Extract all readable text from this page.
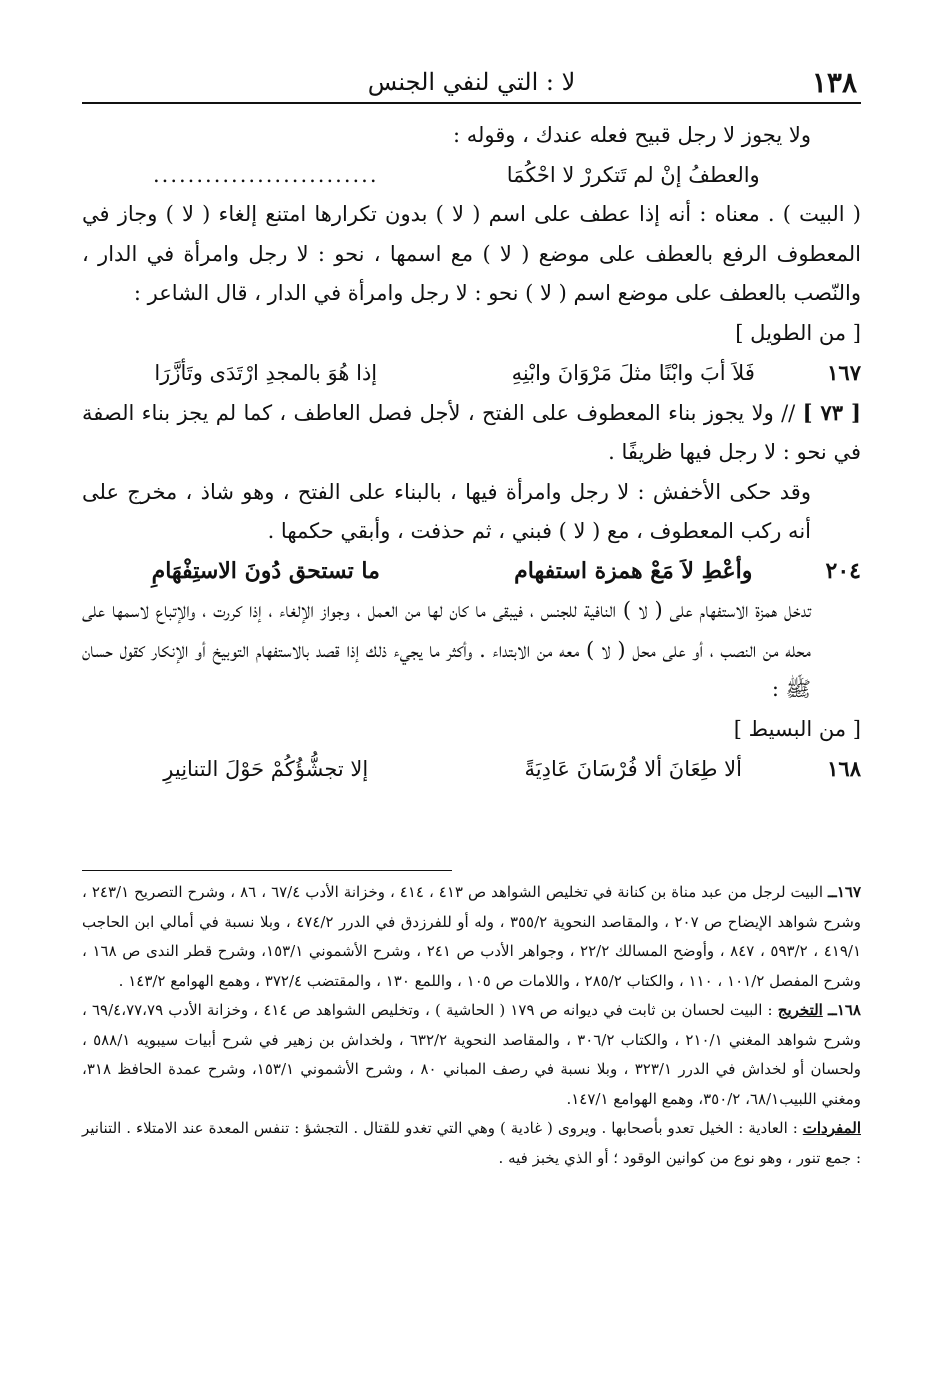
١٣٨
لا : التي لنفي الجنس

ولا يجوز لا رجل قبيح فعله عندك ، وقوله :

والعطفُ إنْ لم تَتكررْ لا احْكُمَا
..........................

( البيت ) . معناه : أنه إذا عطف على اسم ( لا ) بدون تكرارها امتنع إلغاء ( لا ) وجاز في المعطوف الرفع بالعطف على موضع ( لا ) مع اسمها ، نحو : لا رجل وامرأة في الدار ، والنّصب بالعطف على موضع اسم ( لا ) نحو : لا رجل وامرأة في الدار ، قال الشاعر :

[ من الطويل ]
١٦٧
فَلاَ أبَ وابْنًا مثلَ مَرْوَانَ وابْنِهِ
إذا هُوَ بالمجدِ ارْتَدَى وتَأزَّرَا

[ ٧٣ ] // ولا يجوز بناء المعطوف على الفتح ، لأجل فصل العاطف ، كما لم يجز بناء الصفة في نحو : لا رجل فيها ظريفًا .

وقد حكى الأخفش : لا رجل وامرأة فيها ، بالبناء على الفتح ، وهو شاذ ، مخرج على أنه ركب المعطوف ، مع ( لا ) فبني ، ثم حذفت ، وأبقي حكمها .

٢٠٤
وأعْطِ لاَ مَعْ همزة استفهام
ما تستحق دُونَ الاستِفْهَامِ

تدخل همزة الاستفهام على ( لا ) النافية للجنس ، فيبقى ما كان لها من العمل ، وجواز الإلغاء ، إذا كررت ، والإتباع لاسمها على محله من النصب ، أو على محل ( لا ) معه من الابتداء . وأكثر ما يجيء ذلك إذا قصد بالاستفهام التوبيخ أو الإنكار كقول حسان ﷺ :

[ من البسيط ]
١٦٨
ألا طِعَانَ ألا فُرْسَانَ عَادِيَةً
إلا تجشُّؤُكُمْ حَوْلَ التنانِيرِ

١٦٧ــ البيت لرجل من عبد مناة بن كنانة في تخليص الشواهد ص ٤١٣ ، ٤١٤ ، وخزانة الأدب ٦٧/٤ ، ٨٦ ، وشرح التصريح ٢٤٣/١ ، وشرح شواهد الإيضاح ص ٢٠٧ ، والمقاصد النحوية ٣٥٥/٢ ، وله أو للفرزدق في الدرر ٤٧٤/٢ ، وبلا نسبة في أمالي ابن الحاجب ٤١٩/١ ، ٥٩٣/٢ ، ٨٤٧ ، وأوضح المسالك ٢٢/٢ ، وجواهر الأدب ص ٢٤١ ، وشرح الأشموني ١٥٣/١، وشرح قطر الندى ص ١٦٨ ، وشرح المفصل ١٠١/٢ ، ١١٠ ، والكتاب ٢٨٥/٢ ، واللامات ص ١٠٥ ، واللمع ١٣٠ ، والمقتضب ٣٧٢/٤ ، وهمع الهوامع ١٤٣/٢ .

١٦٨ــ التخريج : البيت لحسان بن ثابت في ديوانه ص ١٧٩ ( الحاشية ) ، وتخليص الشواهد ص ٤١٤ ، وخزانة الأدب ٦٩/٤،٧٧،٧٩ ، وشرح شواهد المغني ٢١٠/١ ، والكتاب ٣٠٦/٢ ، والمقاصد النحوية ٦٣٢/٢ ، ولخداش بن زهير في شرح أبيات سيبويه ٥٨٨/١ ، ولحسان أو لخداش في الدرر ٣٢٣/١ ، وبلا نسبة في رصف المباني ٨٠ ، وشرح الأشموني ١٥٣/١، وشرح عمدة الحافظ ٣١٨، ومغني اللبيب٦٨/١، ٣٥٠/٢، وهمع الهوامع ١٤٧/١.

المفردات : العادية : الخيل تعدو بأصحابها . ويروى ( غادية ) وهي التي تغدو للقتال . التجشؤ : تنفس المعدة عند الامتلاء . التنانير : جمع تنور ، وهو نوع من كوانين الوقود ؛ أو الذي يخبز فيه .
